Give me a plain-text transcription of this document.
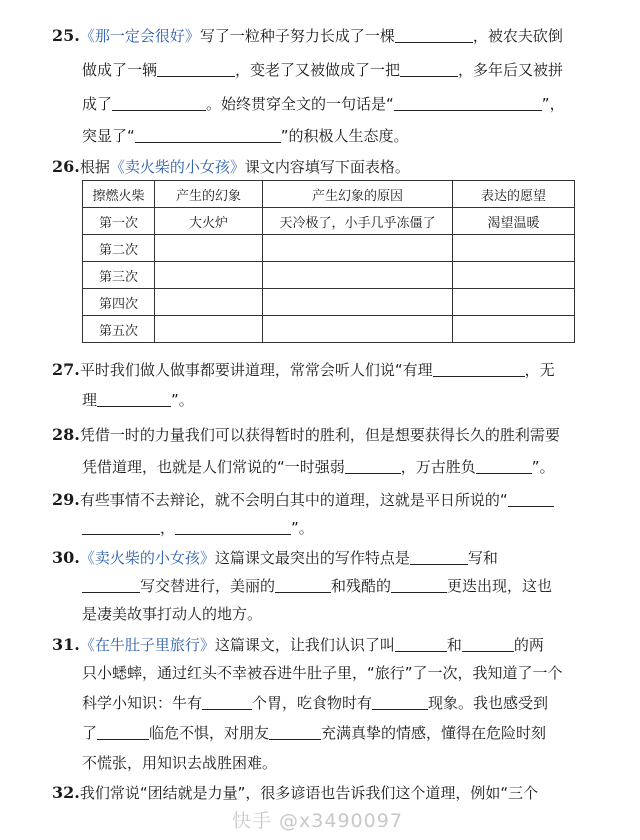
25.《那一定会很好》写了一粒种子努力长成了一棵	，被农夫砍倒
做成了一辆	，变老了又被做成了一把	，多年后又被拼
成了	。始终贯穿全文的一句话是“	”，
突显了“	”的积极人生态度。
26.根据《卖火柴的小女孩》课文内容填写下面表格。
擦燃火柴	产生的幻象	产生幻象的原因	表达的愿望
第一次	大火炉	天冷极了，小手几乎冻僵了	渴望温暖
第二次			
第三次			
第四次			
第五次			
27.平时我们做人做事都要讲道理，常常会听人们说“有理	，无
理	”。
28.凭借一时的力量我们可以获得暂时的胜利，但是想要获得长久的胜利需要
凭借道理，也就是人们常说的“一时强弱	，万古胜负	”。
29.有些事情不去辩论，就不会明白其中的道理，这就是平日所说的“
，	”。
30.《卖火柴的小女孩》这篇课文最突出的写作特点是	写和
写交替进行，美丽的	和残酷的	更迭出现，这也
是凄美故事打动人的地方。
31.《在牛肚子里旅行》这篇课文，让我们认识了叫	和	的两
只小蟋蟀，通过红头不幸被吞进牛肚子里，“旅行”了一次，我知道了一个
科学小知识：牛有	个胃，吃食物时有	现象。我也感受到
了	临危不惧，对朋友	充满真挚的情感，懂得在危险时刻
不慌张，用知识去战胜困难。
32.我们常说“团结就是力量”，很多谚语也告诉我们这个道理，例如“三个
快手 @x3490097
